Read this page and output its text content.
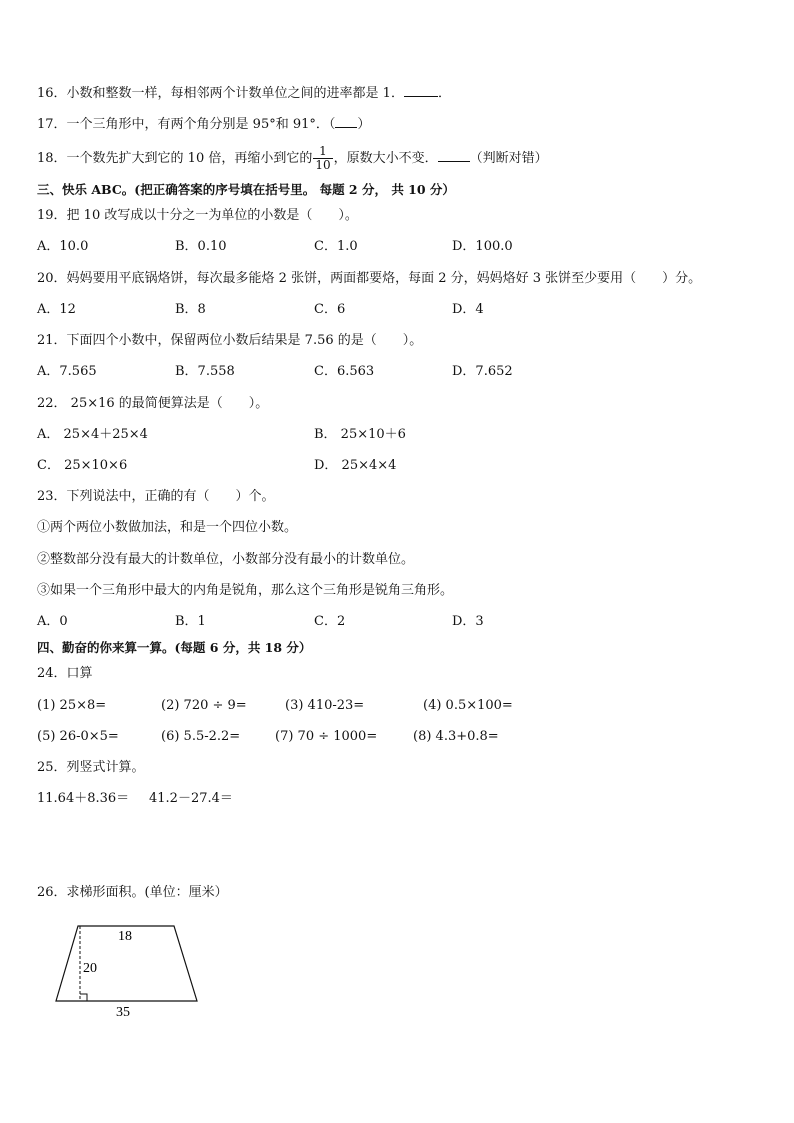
16．小数和整数一样，每相邻两个计数单位之间的进率都是 1．	．
17．一个三角形中，有两个角分别是 95°和 91°．（ ）
18．一个数先扩大到它的 10 倍，再缩小到它的 $\frac{1}{10}$ ，原数大小不变． （判断对错）
三、快乐 ABC。(把正确答案的序号填在括号里。 每题 2 分， 共 10 分）
19．把 10 改写成以十分之一为单位的小数是（　　）。
A．10.0	B．0.10	C．1.0	D．100.0
20．妈妈要用平底锅烙饼，每次最多能烙 2 张饼，两面都要烙，每面 2 分，妈妈烙好 3 张饼至少要用（　　）分。
A．12	B．8	C．6	D．4
21．下面四个小数中，保留两位小数后结果是 7.56 的是（　　）。
A．7.565	B．7.558	C．6.563	D．7.652
22． 25×16 的最简便算法是（　　）。
A． 25×4＋25×4	B． 25×10＋6
C． 25×10×6	D． 25×4×4
23．下列说法中，正确的有（　　）个。
①两个两位小数做加法，和是一个四位小数。
②整数部分没有最大的计数单位，小数部分没有最小的计数单位。
③如果一个三角形中最大的内角是锐角，那么这个三角形是锐角三角形。
A．0	B．1	C．2	D．3
四、勤奋的你来算一算。(每题 6 分，共 18 分）
24．口算
(1) 25×8=	(2) 720 ÷ 9=	(3) 410-23=	(4) 0.5×100=
(5) 26-0×5=	(6) 5.5-2.2=	(7) 70 ÷ 1000=	(8) 4.3+0.8=
25．列竖式计算。
11.64＋8.36＝ 41.2－27.4＝
26．求梯形面积。(单位：厘米）
18
20
35
